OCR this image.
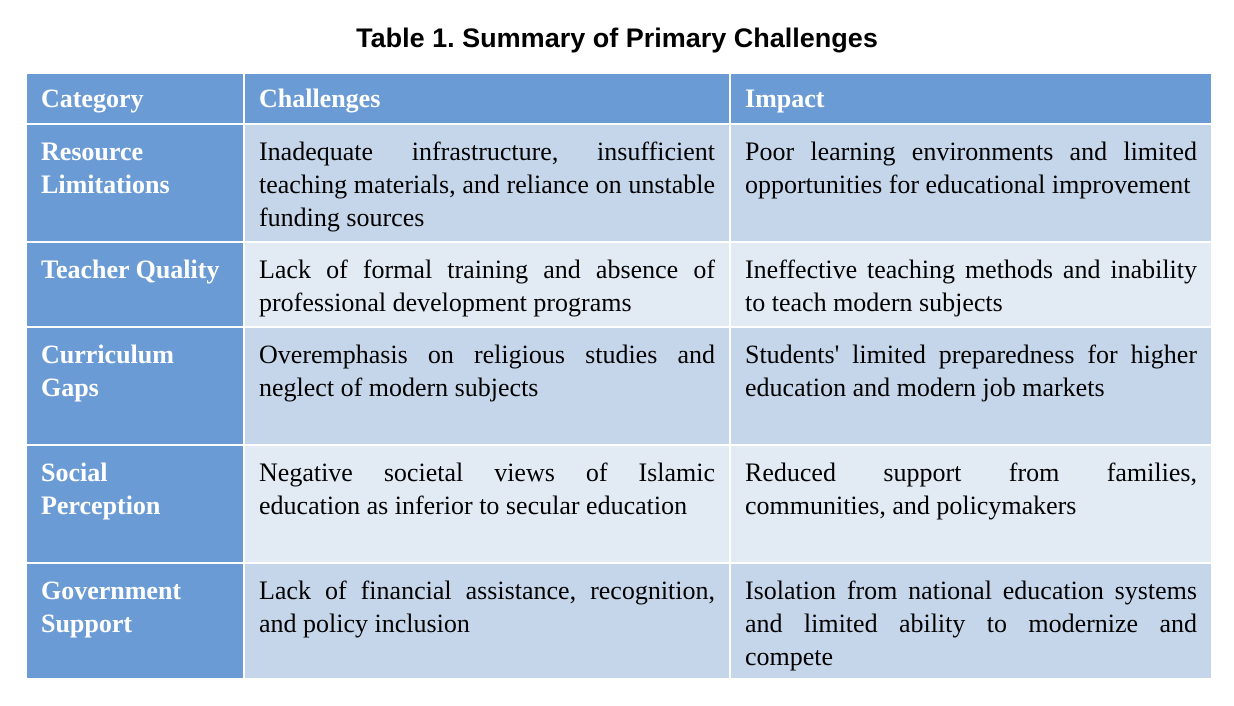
Table 1. Summary of Primary Challenges
Category	Challenges	Impact
Resource Limitations	Inadequate infrastructure, insufficient teaching materials, and reliance on unstable funding sources	Poor learning environments and limited opportunities for educational improvement
Teacher Quality	Lack of formal training and absence of professional development programs	Ineffective teaching methods and inability to teach modern subjects
Curriculum Gaps	Overemphasis on religious studies and neglect of modern subjects	Students' limited preparedness for higher education and modern job markets
Social Perception	Negative societal views of Islamic education as inferior to secular education	Reduced support from families, communities, and policymakers
Government Support	Lack of financial assistance, recognition, and policy inclusion	Isolation from national education systems and limited ability to modernize and compete
